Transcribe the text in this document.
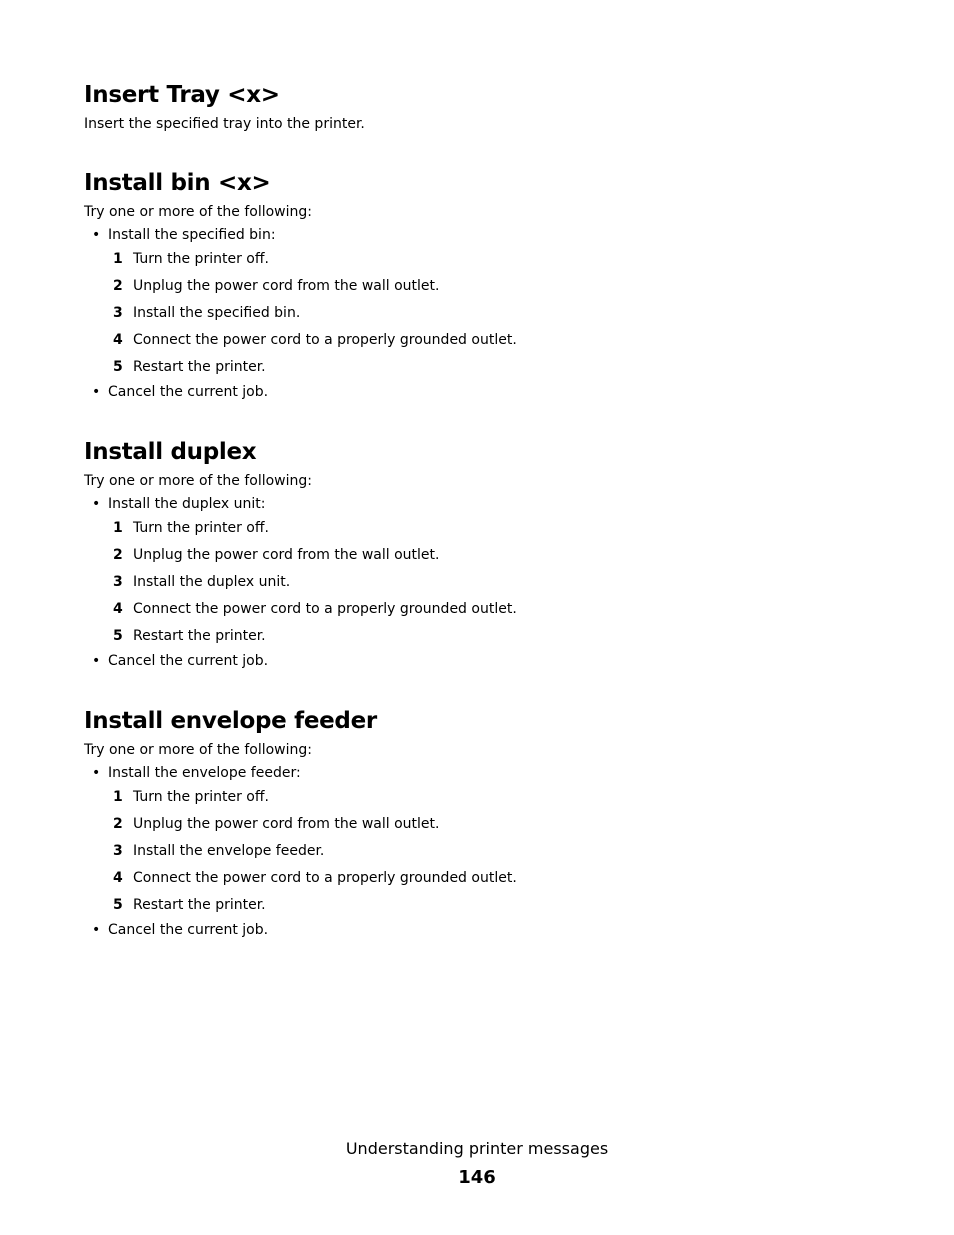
Insert Tray <x>

Insert the specified tray into the printer.

Install bin <x>

Try one or more of the following:

• Install the specified bin:
1 Turn the printer off.
2 Unplug the power cord from the wall outlet.
3 Install the specified bin.
4 Connect the power cord to a properly grounded outlet.
5 Restart the printer.
• Cancel the current job.
Install duplex

Try one or more of the following:

• Install the duplex unit:
1 Turn the printer off.
2 Unplug the power cord from the wall outlet.
3 Install the duplex unit.
4 Connect the power cord to a properly grounded outlet.
5 Restart the printer.
• Cancel the current job.
Install envelope feeder

Try one or more of the following:

• Install the envelope feeder:
1 Turn the printer off.
2 Unplug the power cord from the wall outlet.
3 Install the envelope feeder.
4 Connect the power cord to a properly grounded outlet.
5 Restart the printer.
• Cancel the current job.
Understanding printer messages
146
